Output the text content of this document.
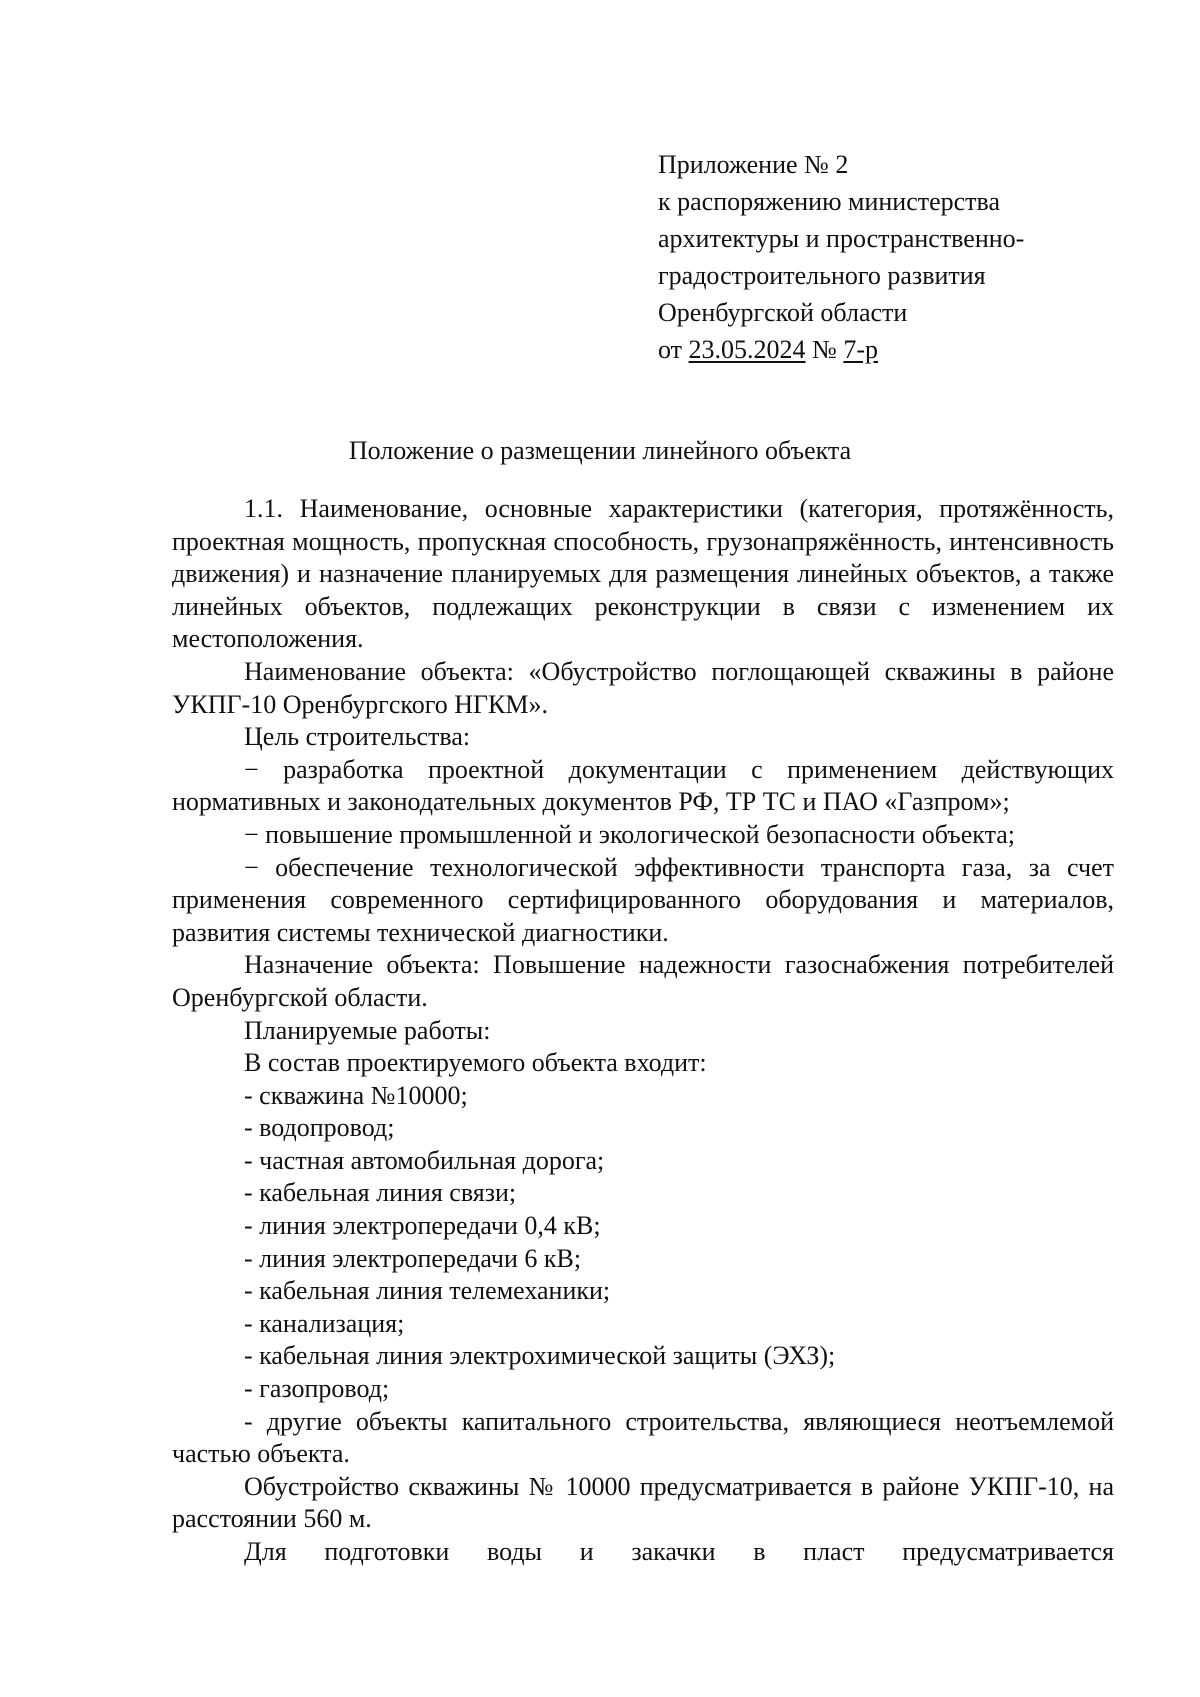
Приложение № 2
к распоряжению министерства
архитектуры и пространственно-
градостроительного развития
Оренбургской области
от 23.05.2024 № 7-р
Положение о размещении линейного объекта

1.1. Наименование, основные характеристики (категория, протяжённость, проектная мощность, пропускная способность, грузонапряжённость, интенсивность движения) и назначение планируемых для размещения линейных объектов, а также линейных объектов, подлежащих реконструкции в связи с изменением их местоположения.

Наименование объекта: «Обустройство поглощающей скважины в районе УКПГ-10 Оренбургского НГКМ».

Цель строительства:

− разработка проектной документации с применением действующих нормативных и законодательных документов РФ, ТР ТС и ПАО «Газпром»;

− повышение промышленной и экологической безопасности объекта;

− обеспечение технологической эффективности транспорта газа, за счет применения современного сертифицированного оборудования и материалов, развития системы технической диагностики.

Назначение объекта: Повышение надежности газоснабжения потребителей Оренбургской области.

Планируемые работы:

В состав проектируемого объекта входит:

- скважина №10000;

- водопровод;

- частная автомобильная дорога;

- кабельная линия связи;

- линия электропередачи 0,4 кВ;

- линия электропередачи 6 кВ;

- кабельная линия телемеханики;

- канализация;

- кабельная линия электрохимической защиты (ЭХЗ);

- газопровод;

- другие объекты капитального строительства, являющиеся неотъемлемой частью объекта.

Обустройство скважины № 10000 предусматривается в районе УКПГ-10, на расстоянии 560 м.

Для подготовки воды и закачки в пласт предусматривается
